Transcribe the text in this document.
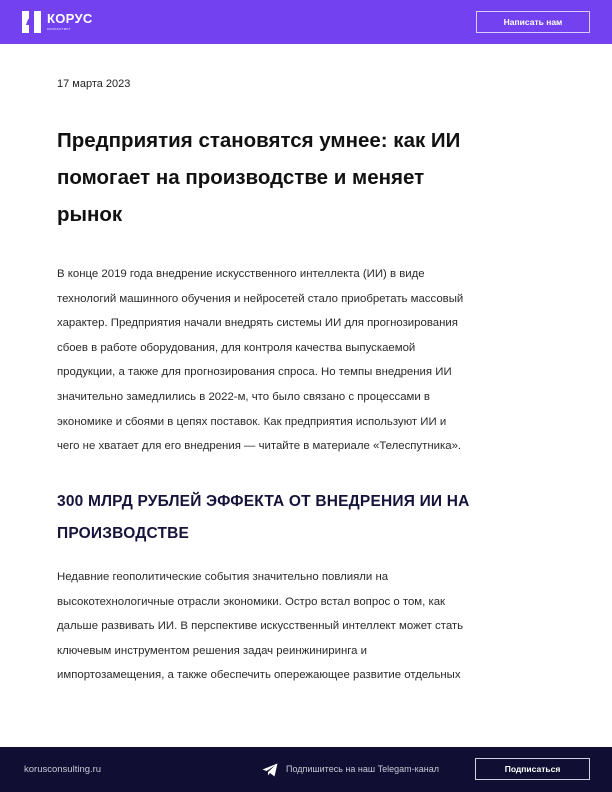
КОРУС
консалтинг
Написать нам
17 марта 2023
Предприятия становятся умнее: как ИИ
помогает на производстве и меняет
рынок
В конце 2019 года внедрение искусственного интеллекта (ИИ) в виде
технологий машинного обучения и нейросетей стало приобретать массовый
характер. Предприятия начали внедрять системы ИИ для прогнозирования
сбоев в работе оборудования, для контроля качества выпускаемой
продукции, а также для прогнозирования спроса. Но темпы внедрения ИИ
значительно замедлились в 2022-м, что было связано с процессами в
экономике и сбоями в цепях поставок. Как предприятия используют ИИ и
чего не хватает для его внедрения — читайте в материале «Телеспутника».
300 МЛРД РУБЛЕЙ ЭФФЕКТА ОТ ВНЕДРЕНИЯ ИИ НА
ПРОИЗВОДСТВЕ
Недавние геополитические события значительно повлияли на
высокотехнологичные отрасли экономики. Остро встал вопрос о том, как
дальше развивать ИИ. В перспективе искусственный интеллект может стать
ключевым инструментом решения задач реинжиниринга и
импортозамещения, а также обеспечить опережающее развитие отдельных
korusconsulting.ru	Подпишитесь на наш Telegam-канал	Подписаться
